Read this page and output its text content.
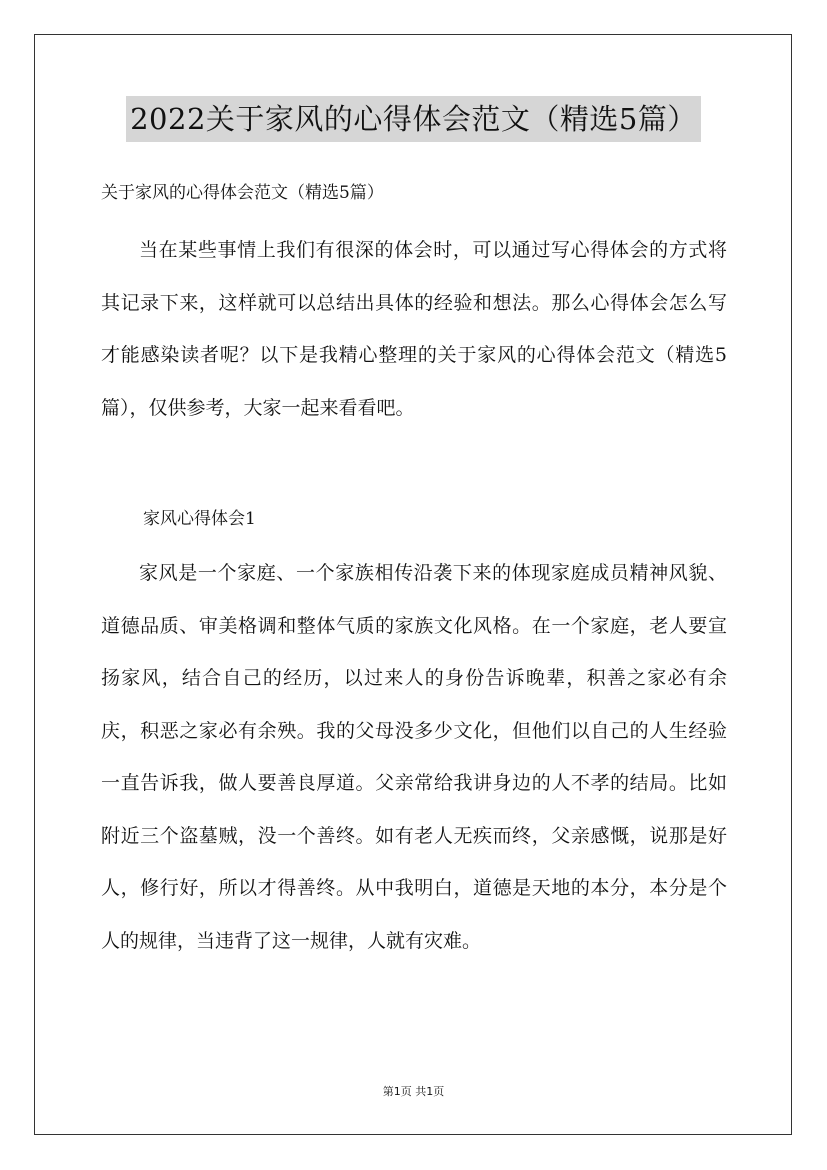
2022关于家风的心得体会范文（精选5篇）
关于家风的心得体会范文（精选5篇）

当在某些事情上我们有很深的体会时，可以通过写心得体会的方式将其记录下来，这样就可以总结出具体的经验和想法。那么心得体会怎么写才能感染读者呢？以下是我精心整理的关于家风的心得体会范文（精选5篇），仅供参考，大家一起来看看吧。

家风心得体会1

家风是一个家庭、一个家族相传沿袭下来的体现家庭成员精神风貌、道德品质、审美格调和整体气质的家族文化风格。在一个家庭，老人要宣扬家风，结合自己的经历，以过来人的身份告诉晚辈，积善之家必有余庆，积恶之家必有余殃。我的父母没多少文化，但他们以自己的人生经验一直告诉我，做人要善良厚道。父亲常给我讲身边的人不孝的结局。比如附近三个盗墓贼，没一个善终。如有老人无疾而终，父亲感慨，说那是好人，修行好，所以才得善终。从中我明白，道德是天地的本分，本分是个人的规律，当违背了这一规律，人就有灾难。

第1页 共1页
